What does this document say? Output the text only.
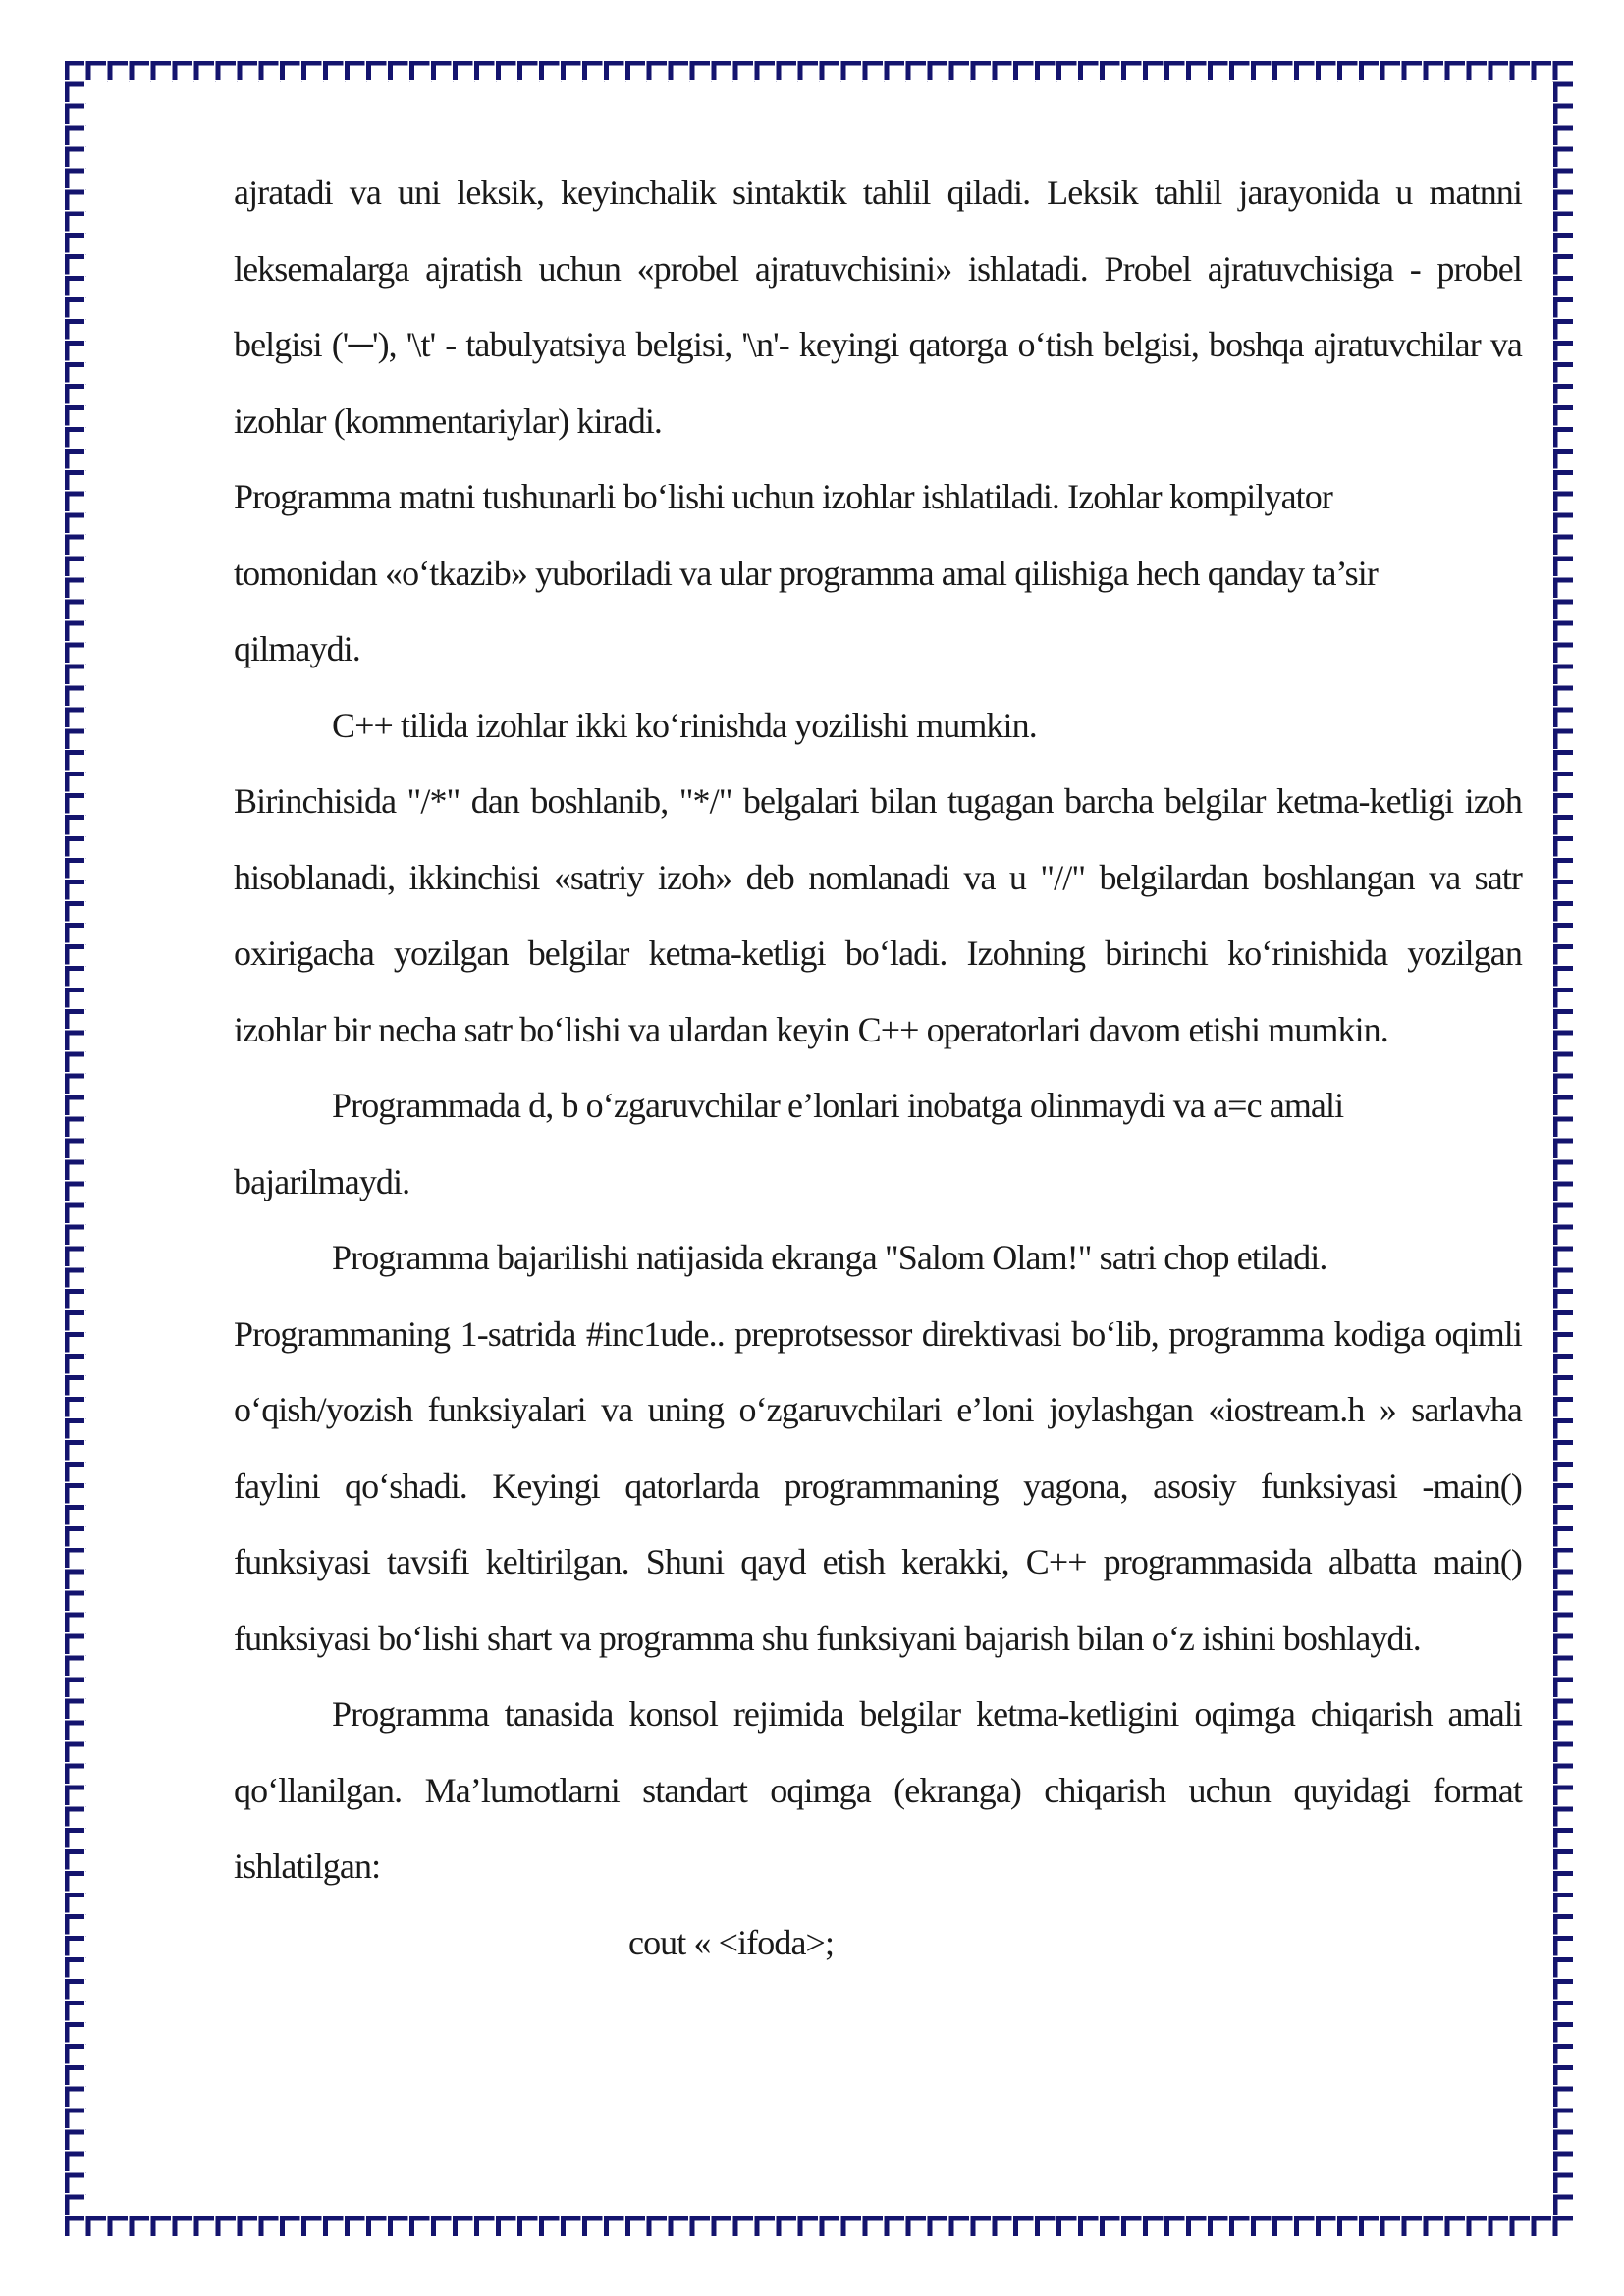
ajratadi va uni leksik, keyinchalik sintaktik tahlil qiladi. Leksik tahlil jarayonida u matnni leksemalarga ajratish uchun «probel ajratuvchisini» ishlatadi. Probel ajratuvchisiga - probel belgisi ('─'), '\t' - tabulyatsiya belgisi, '\n'- keyingi qatorga o‘tish belgisi, boshqa ajratuvchilar va izohlar (kommentariylar) kiradi.

Programma matni tushunarli bo‘lishi uchun izohlar ishlatiladi. Izohlar kompilyator tomonidan «o‘tkazib» yuboriladi va ular programma amal qilishiga hech qanday ta’sir qilmaydi.

C++ tilida izohlar ikki ko‘rinishda yozilishi mumkin.

Birinchisida "/*" dan boshlanib, "*/" belgalari bilan tugagan barcha belgilar ketma-ketligi izoh hisoblanadi, ikkinchisi «satriy izoh» deb nomlanadi va u "//" belgilardan boshlangan va satr oxirigacha yozilgan belgilar ketma-ketligi bo‘ladi. Izohning birinchi ko‘rinishida yozilgan izohlar bir necha satr bo‘lishi va ulardan keyin C++ operatorlari davom etishi mumkin.

Programmada d, b o‘zgaruvchilar e’lonlari inobatga olinmaydi va a=c amali bajarilmaydi.

Programma bajarilishi natijasida ekranga "Salom Olam!" satri chop etiladi.

Programmaning 1-satrida #inc1ude.. preprotsessor direktivasi bo‘lib, programma kodiga oqimli o‘qish/yozish funksiyalari va uning o‘zgaruvchilari e’loni joylashgan «iostream.h » sarlavha faylini qo‘shadi. Keyingi qatorlarda programmaning yagona, asosiy funksiyasi -main() funksiyasi tavsifi keltirilgan. Shuni qayd etish kerakki, C++ programmasida albatta main() funksiyasi bo‘lishi shart va programma shu funksiyani bajarish bilan o‘z ishini boshlaydi.

Programma tanasida konsol rejimida belgilar ketma-ketligini oqimga chiqarish amali qo‘llanilgan. Ma’lumotlarni standart oqimga (ekranga) chiqarish uchun quyidagi format ishlatilgan:

cout « <ifoda>;
